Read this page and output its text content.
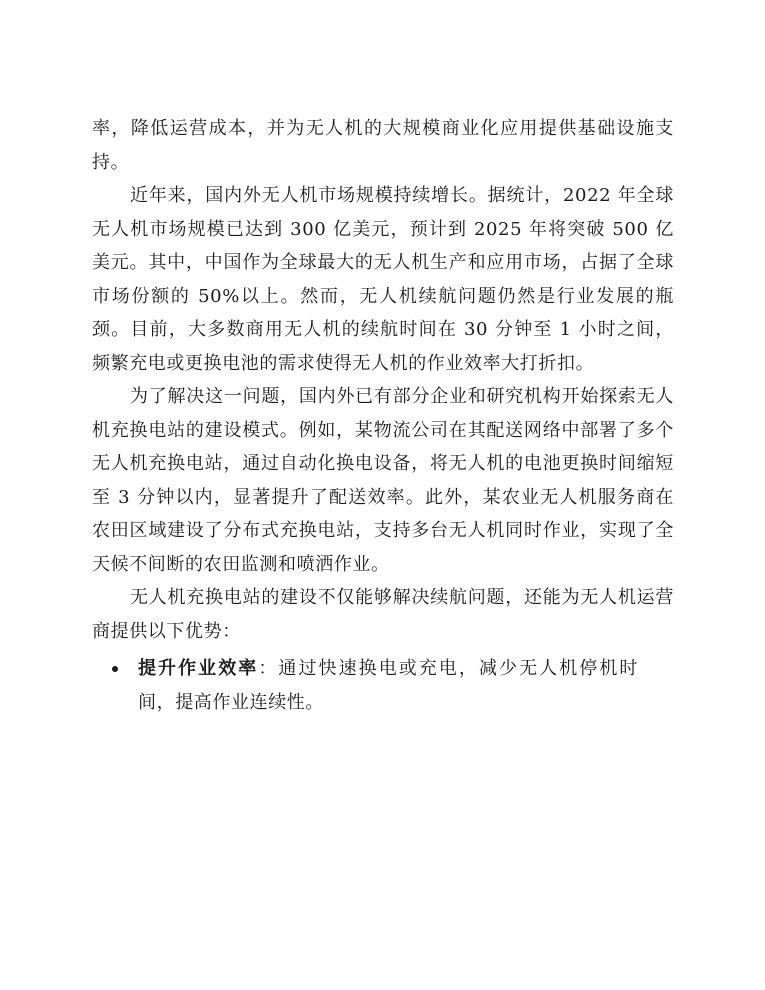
率，降低运营成本，并为无人机的大规模商业化应用提供基础设施支持。

近年来，国内外无人机市场规模持续增长。据统计，2022 年全球无人机市场规模已达到 300 亿美元，预计到 2025 年将突破 500 亿美元。其中，中国作为全球最大的无人机生产和应用市场，占据了全球市场份额的 50%以上。然而，无人机续航问题仍然是行业发展的瓶颈。目前，大多数商用无人机的续航时间在 30 分钟至 1 小时之间，频繁充电或更换电池的需求使得无人机的作业效率大打折扣。

为了解决这一问题，国内外已有部分企业和研究机构开始探索无人机充换电站的建设模式。例如，某物流公司在其配送网络中部署了多个无人机充换电站，通过自动化换电设备，将无人机的电池更换时间缩短至 3 分钟以内，显著提升了配送效率。此外，某农业无人机服务商在农田区域建设了分布式充换电站，支持多台无人机同时作业，实现了全天候不间断的农田监测和喷洒作业。

无人机充换电站的建设不仅能够解决续航问题，还能为无人机运营商提供以下优势：

提升作业效率：通过快速换电或充电，减少无人机停机时间，提高作业连续性。
